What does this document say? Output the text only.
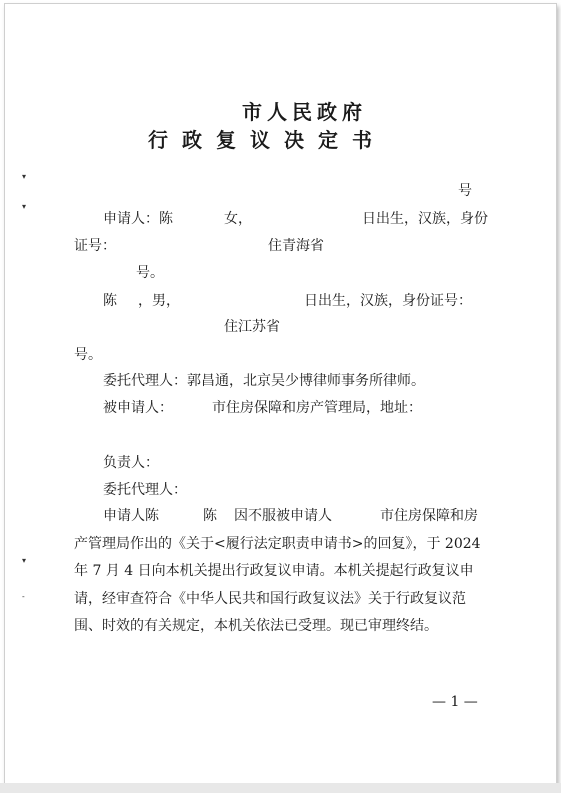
市人民政府
行政复议决定书
号
▾
▾
▾
-
申请人：陈	女，	日出生，汉族，身份
证号：	住青海省
号。
陈 ，男，	日出生，汉族，身份证号：
住江苏省
号。
委托代理人：郭昌通，北京吴少博律师事务所律师。
被申请人：	市住房保障和房产管理局，地址：
负责人：
委托代理人：
申请人陈	陈 因不服被申请人	市住房保障和房
产管理局作出的《关于<履行法定职责申请书>的回复》，于 2024
年 7 月 4 日向本机关提出行政复议申请。本机关提起行政复议申
请，经审查符合《中华人民共和国行政复议法》关于行政复议范
围、时效的有关规定，本机关依法已受理。现已审理终结。
— 1 —
